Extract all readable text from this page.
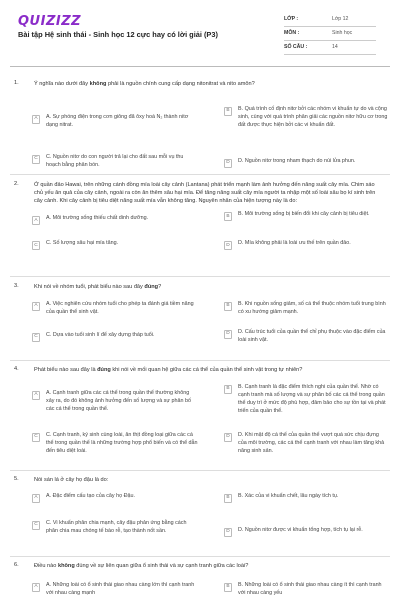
QUIZIZZ
Bài tập Hệ sinh thái - Sinh học 12 cực hay có lời giải (P3)
LỚP :	Lớp 12
MÔN :	Sinh học
SỐ CÂU :	14
1.	Ý nghĩa nào dưới đây không phải là nguồn chính cung cấp dạng nitonitrat và nito amôn?
A	A. Sự phóng điện trong cơn giông đã ôxy hoá N₂ thành nitơ dạng nitrat.
B	B. Quá trình cố định nitơ bởi các nhóm vi khuẩn tự do và cộng sinh, cùng với quá trình phân giải các nguồn nitơ hữu cơ trong đất được thực hiện bởi các vi khuẩn đất.
C	C. Nguồn nitơ do con người trả lại cho đất sau mỗi vụ thu hoạch bằng phân bón.	D	D. Nguồn nitơ trong nham thạch do núi lửa phun.
2.	Ở quần đảo Hawai, trên những cánh đồng mía loài cây cảnh (Lantana) phát triển mạnh làm ảnh hưởng đến năng suất cây mía. Chim sáo chủ yếu ăn quả của cây cảnh, ngoài ra còn ăn thêm sâu hại mía. Để tăng năng suất cây mía người ta nhập một số loài sâu bọ kí sinh trên cây cảnh. Khi cây cảnh bị tiêu diệt năng suất mía vẫn không tăng. Nguyên nhân của hiện tượng này là do:
A	A. Môi trường sống thiếu chất dinh dưỡng.	B	B. Môi trường sống bị biến đổi khi cây cảnh bị tiêu diệt.
C	C. Số lượng sâu hại mía tăng.	D	D. Mía không phải là loài ưu thế trên quần đảo.
3.	Khi nói về nhóm tuổi, phát biểu nào sau đây đúng?
A	A. Việc nghiên cứu nhóm tuổi cho phép ta đánh giá tiềm năng của quần thể sinh vật.
B	B. Khi nguồn sống giảm, số cá thể thuộc nhóm tuổi trung bình có xu hướng giảm mạnh.
C	C. Dựa vào tuổi sinh lí để xây dựng tháp tuổi.	D	D. Cấu trúc tuổi của quần thể chỉ phụ thuộc vào đặc điểm của loài sinh vật.
4.	Phát biểu nào sau đây là đúng khi nói về mối quan hệ giữa các cá thể của quần thể sinh vật trong tự nhiên?
A	A. Cạnh tranh giữa các cá thể trong quần thể thường không xảy ra, do đó không ảnh hưởng đến số lượng và sự phân bố các cá thể trong quần thể.
B	B. Cạnh tranh là đặc điểm thích nghi của quần thể. Nhờ có cạnh tranh mà số lượng và sự phân bố các cá thể trong quần thể duy trì ở mức độ phù hợp, đảm bảo cho sự tồn tại và phát triển của quần thể.
C	C. Cạnh tranh, ký sinh cùng loài, ăn thịt đồng loại giữa các cá thể trong quần thể là những trường hợp phổ biến và có thể dẫn đến tiêu diệt loài.
D	D. Khi mật độ cá thể của quần thể vượt quá sức chịu đựng của môi trường, các cá thể cạnh tranh với nhau làm tăng khả năng sinh sản.
5.	Nói sán lá ở cây họ đậu là do:
A	A. Đặc điểm cấu tạo của cây họ Đậu.	B	B. Xác của vi khuẩn chết, lâu ngày tích tụ.
C	C. Vi khuẩn phân chia mạnh, cây đậu phản ứng bằng cách phân chia mau chóng tế bào rễ, tạo thành nốt sần.	D	D. Nguồn nitơ được vi khuẩn tổng hợp, tích tụ lại rễ.
6.	Điều nào không đúng về sự liên quan giữa ổ sinh thái và sự cạnh tranh giữa các loài?
A	A. Những loài có ổ sinh thái giao nhau càng lớn thì cạnh tranh với nhau càng mạnh
B	B. Những loài có ổ sinh thái giao nhau càng ít thì cạnh tranh với nhau càng yếu
